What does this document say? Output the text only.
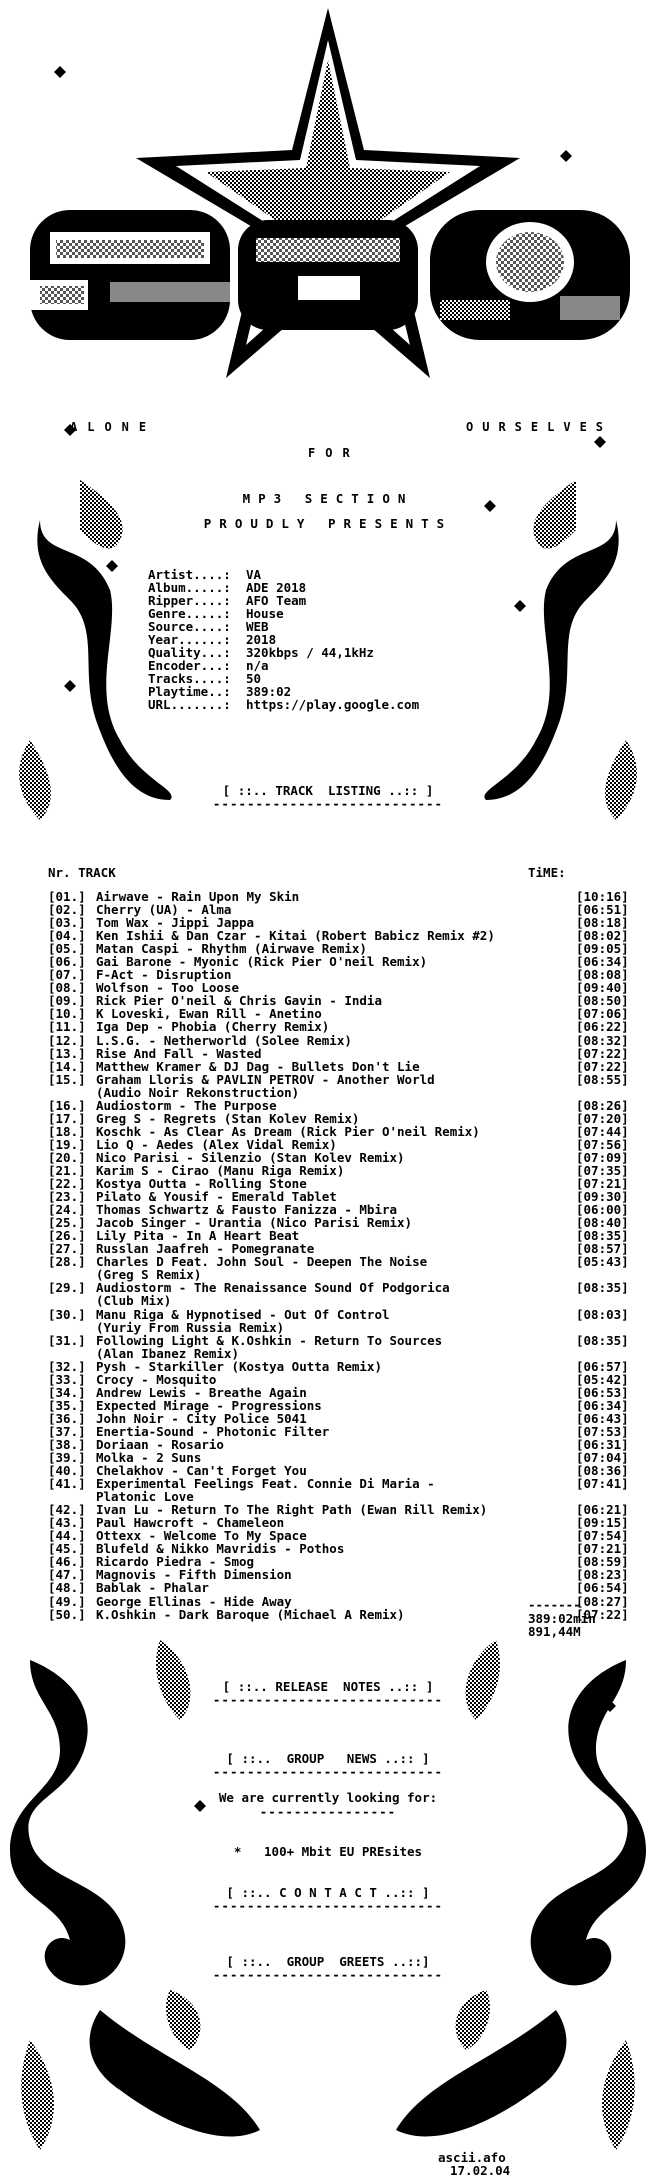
ALONE
FOR
OURSELVES
MP3 SECTION
PROUDLY PRESENTS
Artist....:	VA
Album.....:	ADE 2018
Ripper....:	AFO Team
Genre.....:	House
Source....:	WEB
Year......:	2018
Quality...:	320kbps / 44,1kHz
Encoder...:	n/a
Tracks....:	50
Playtime..:	389:02
URL.......:	https://play.google.com
[ ::.. TRACK  LISTING ..:: ]
---------------------------
Nr. TRACK	TiME:
[01.] Airwave - Rain Upon My Skin	[10:16]
[02.] Cherry (UA) - Alma	[06:51]
[03.] Tom Wax - Jippi Jappa	[08:18]
[04.] Ken Ishii & Dan Czar - Kitai (Robert Babicz Remix #2)	[08:02]
[05.] Matan Caspi - Rhythm (Airwave Remix)	[09:05]
[06.] Gai Barone - Myonic (Rick Pier O'neil Remix)	[06:34]
[07.] F-Act - Disruption	[08:08]
[08.] Wolfson - Too Loose	[09:40]
[09.] Rick Pier O'neil & Chris Gavin - India	[08:50]
[10.] K Loveski, Ewan Rill - Anetino	[07:06]
[11.] Iga Dep - Phobia (Cherry Remix)	[06:22]
[12.] L.S.G. - Netherworld (Solee Remix)	[08:32]
[13.] Rise And Fall - Wasted	[07:22]
[14.] Matthew Kramer & DJ Dag - Bullets Don't Lie	[07:22]
[15.] Graham Lloris & PAVLIN PETROV - Another World	[08:55]
(Audio Noir Rekonstruction)
[16.] Audiostorm - The Purpose	[08:26]
[17.] Greg S - Regrets (Stan Kolev Remix)	[07:20]
[18.] Koschk - As Clear As Dream (Rick Pier O'neil Remix)	[07:44]
[19.] Lio Q - Aedes (Alex Vidal Remix)	[07:56]
[20.] Nico Parisi - Silenzio (Stan Kolev Remix)	[07:09]
[21.] Karim S - Cirao (Manu Riga Remix)	[07:35]
[22.] Kostya Outta - Rolling Stone	[07:21]
[23.] Pilato & Yousif - Emerald Tablet	[09:30]
[24.] Thomas Schwartz & Fausto Fanizza - Mbira	[06:00]
[25.] Jacob Singer - Urantia (Nico Parisi Remix)	[08:40]
[26.] Lily Pita - In A Heart Beat	[08:35]
[27.] Russlan Jaafreh - Pomegranate	[08:57]
[28.] Charles D Feat. John Soul - Deepen The Noise	[05:43]
(Greg S Remix)
[29.] Audiostorm - The Renaissance Sound Of Podgorica	[08:35]
(Club Mix)
[30.] Manu Riga & Hypnotised - Out Of Control	[08:03]
(Yuriy From Russia Remix)
[31.] Following Light & K.Oshkin - Return To Sources	[08:35]
(Alan Ibanez Remix)
[32.] Pysh - Starkiller (Kostya Outta Remix)	[06:57]
[33.] Crocy - Mosquito	[05:42]
[34.] Andrew Lewis - Breathe Again	[06:53]
[35.] Expected Mirage - Progressions	[06:34]
[36.] John Noir - City Police 5041	[06:43]
[37.] Enertia-Sound - Photonic Filter	[07:53]
[38.] Doriaan - Rosario	[06:31]
[39.] Molka - 2 Suns	[07:04]
[40.] Chelakhov - Can't Forget You	[08:36]
[41.] Experimental Feelings Feat. Connie Di Maria -	[07:41]
Platonic Love
[42.] Ivan Lu - Return To The Right Path (Ewan Rill Remix)	[06:21]
[43.] Paul Hawcroft - Chameleon	[09:15]
[44.] Ottexx - Welcome To My Space	[07:54]
[45.] Blufeld & Nikko Mavridis - Pothos	[07:21]
[46.] Ricardo Piedra - Smog	[08:59]
[47.] Magnovis - Fifth Dimension	[08:23]
[48.] Bablak - Phalar	[06:54]
[49.] George Ellinas - Hide Away	[08:27]
[50.] K.Oshkin - Dark Baroque (Michael A Remix)	[07:22]
-------
389:02min
891,44M
[ ::.. RELEASE  NOTES ..:: ]
---------------------------
[ ::..  GROUP   NEWS ..:: ]
---------------------------
We are currently looking for:
----------------
*   100+ Mbit EU PREsites
[ ::.. C O N T A C T ..:: ]
---------------------------
[ ::..  GROUP  GREETS ..::]
---------------------------
ascii.afo
17.02.04
